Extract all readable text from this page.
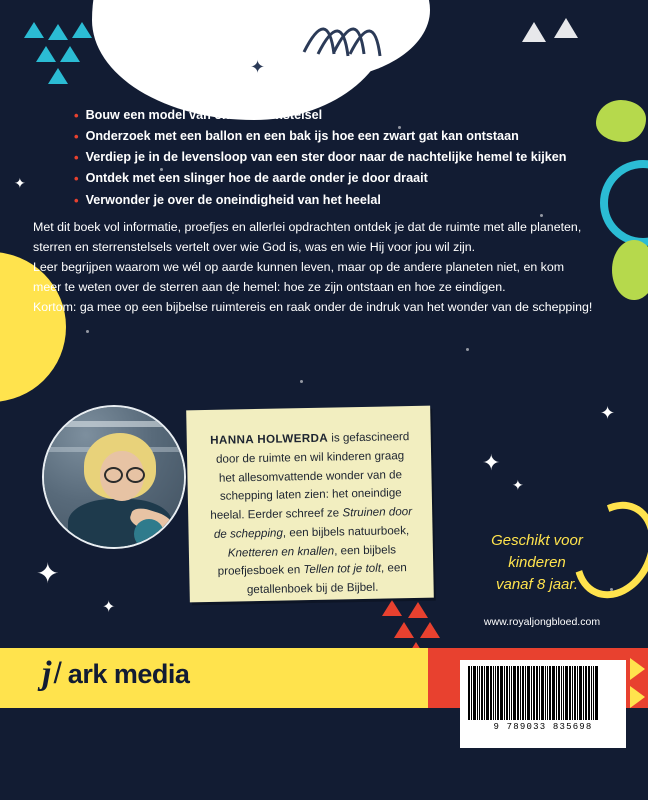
✦
✦
✦
✦
✦
✦
✦
• Bouw een model van ons sterrenstelsel
• Onderzoek met een ballon en een bak ijs hoe een zwart gat kan ontstaan
• Verdiep je in de levensloop van een ster door naar de nachtelijke hemel te kijken
• Ontdek met een slinger hoe de aarde onder je door draait
• Verwonder je over de oneindigheid van het heelal

Met dit boek vol informatie, proefjes en allerlei opdrachten ontdek je dat de ruimte met alle planeten, sterren en sterrenstelsels vertelt over wie God is, was en wie Hij voor jou wil zijn.

Leer begrijpen waarom we wél op aarde kunnen leven, maar op de andere planeten niet, en kom meer te weten over de sterren aan de hemel: hoe ze zijn ontstaan en hoe ze eindigen.

Kortom: ga mee op een bijbelse ruimtereis en raak onder de indruk van het wonder van de schepping!

HANNA HOLWERDA is gefascineerd door de ruimte en wil kinderen graag het allesomvattende wonder van de schepping laten zien: het oneindige heelal. Eerder schreef ze Struinen door de schepping, een bijbels natuurboek, Knetteren en knallen, een bijbels proefjesboek en Tellen tot je tolt, een getallenboek bij de Bijbel.
Geschikt voor
kinderen
vanaf 8 jaar.
www.royaljongbloed.com
j / ark media
9 789033 835698
